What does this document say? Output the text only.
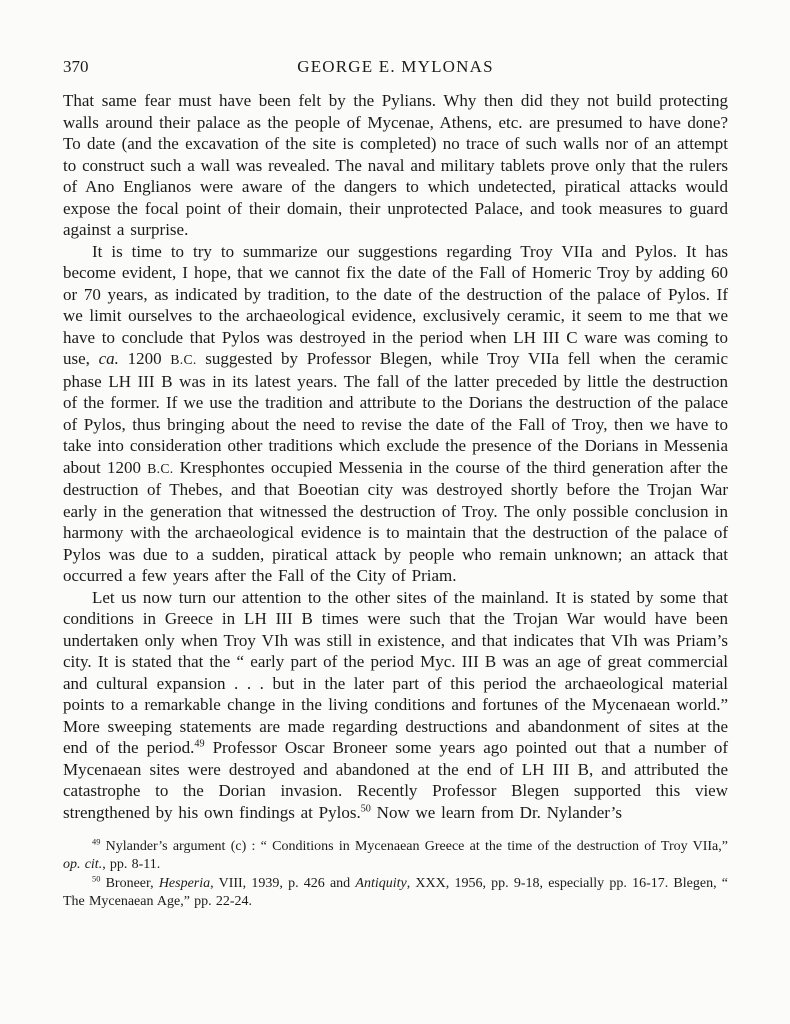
370	GEORGE E. MYLONAS

That same fear must have been felt by the Pylians. Why then did they not build protecting walls around their palace as the people of Mycenae, Athens, etc. are presumed to have done? To date (and the excavation of the site is completed) no trace of such walls nor of an attempt to construct such a wall was revealed. The naval and military tablets prove only that the rulers of Ano Englianos were aware of the dangers to which undetected, piratical attacks would expose the focal point of their domain, their unprotected Palace, and took measures to guard against a surprise.

It is time to try to summarize our suggestions regarding Troy VIIa and Pylos. It has become evident, I hope, that we cannot fix the date of the Fall of Homeric Troy by adding 60 or 70 years, as indicated by tradition, to the date of the destruction of the palace of Pylos. If we limit ourselves to the archaeological evidence, exclusively ceramic, it seem to me that we have to conclude that Pylos was destroyed in the period when LH III C ware was coming to use, ca. 1200 B.C. suggested by Professor Blegen, while Troy VIIa fell when the ceramic phase LH III B was in its latest years. The fall of the latter preceded by little the destruction of the former. If we use the tradition and attribute to the Dorians the destruction of the palace of Pylos, thus bringing about the need to revise the date of the Fall of Troy, then we have to take into consideration other traditions which exclude the presence of the Dorians in Messenia about 1200 B.C. Kresphontes occupied Messenia in the course of the third generation after the destruction of Thebes, and that Boeotian city was destroyed shortly before the Trojan War early in the generation that witnessed the destruction of Troy. The only possible conclusion in harmony with the archaeological evidence is to maintain that the destruction of the palace of Pylos was due to a sudden, piratical attack by people who remain unknown; an attack that occurred a few years after the Fall of the City of Priam.

Let us now turn our attention to the other sites of the mainland. It is stated by some that conditions in Greece in LH III B times were such that the Trojan War would have been undertaken only when Troy VIh was still in existence, and that indicates that VIh was Priam’s city. It is stated that the “ early part of the period Myc. III B was an age of great commercial and cultural expansion . . . but in the later part of this period the archaeological material points to a remarkable change in the living conditions and fortunes of the Mycenaean world.” More sweeping statements are made regarding destructions and abandonment of sites at the end of the period.$^{49}$ Professor Oscar Broneer some years ago pointed out that a number of Mycenaean sites were destroyed and abandoned at the end of LH III B, and attributed the catastrophe to the Dorian invasion. Recently Professor Blegen supported this view strengthened by his own findings at Pylos.$^{50}$ Now we learn from Dr. Nylander’s

$^{49}$ Nylander’s argument (c) : “ Conditions in Mycenaean Greece at the time of the destruction of Troy VIIa,” op. cit., pp. 8-11.

$^{50}$ Broneer, Hesperia, VIII, 1939, p. 426 and Antiquity, XXX, 1956, pp. 9-18, especially pp. 16-17. Blegen, “ The Mycenaean Age,” pp. 22-24.
